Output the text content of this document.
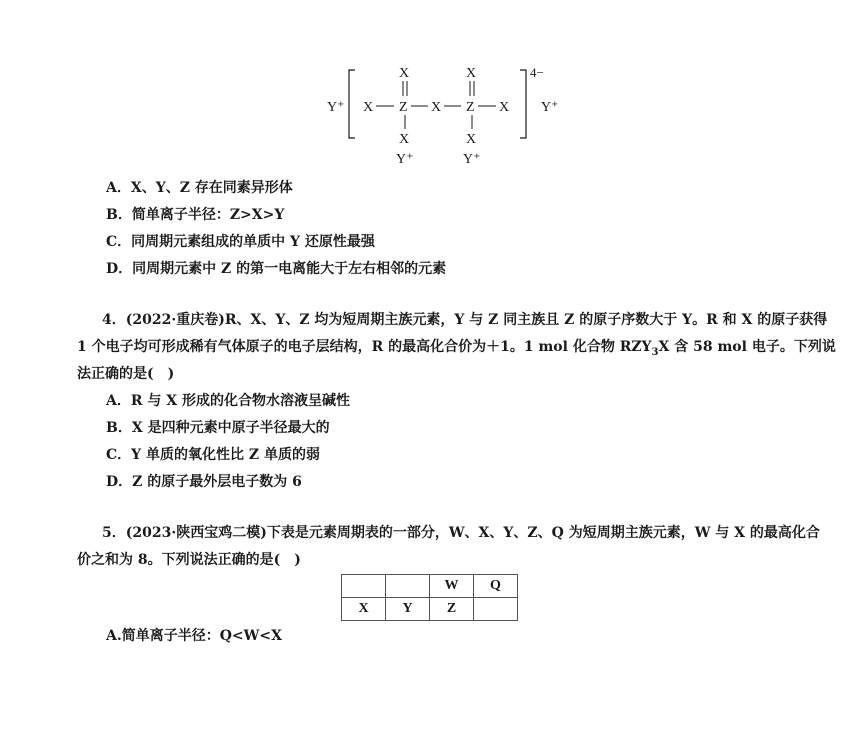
Y⁺ X Z X Z X
X
X
Y⁺
X
X
Y⁺
4−
Y⁺
A．X、Y、Z 存在同素异形体
B．简单离子半径：Z>X>Y
C．同周期元素组成的单质中 Y 还原性最强
D．同周期元素中 Z 的第一电离能大于左右相邻的元素
4．(2022·重庆卷)R、X、Y、Z 均为短周期主族元素，Y 与 Z 同主族且 Z 的原子序数大于 Y。R 和 X 的原子获得
1 个电子均可形成稀有气体原子的电子层结构，R 的最高化合价为＋1。1 mol 化合物 $RZY_3X$ 含 58 mol 电子。下列说
法正确的是(　)
A．R 与 X 形成的化合物水溶液呈碱性
B．X 是四种元素中原子半径最大的
C．Y 单质的氧化性比 Z 单质的弱
D．Z 的原子最外层电子数为 6
5．(2023·陕西宝鸡二模)下表是元素周期表的一部分，W、X、Y、Z、Q 为短周期主族元素，W 与 X 的最高化合
价之和为 8。下列说法正确的是(　)
		W	Q
X	Y	Z	
A.简单离子半径：Q<W<X
